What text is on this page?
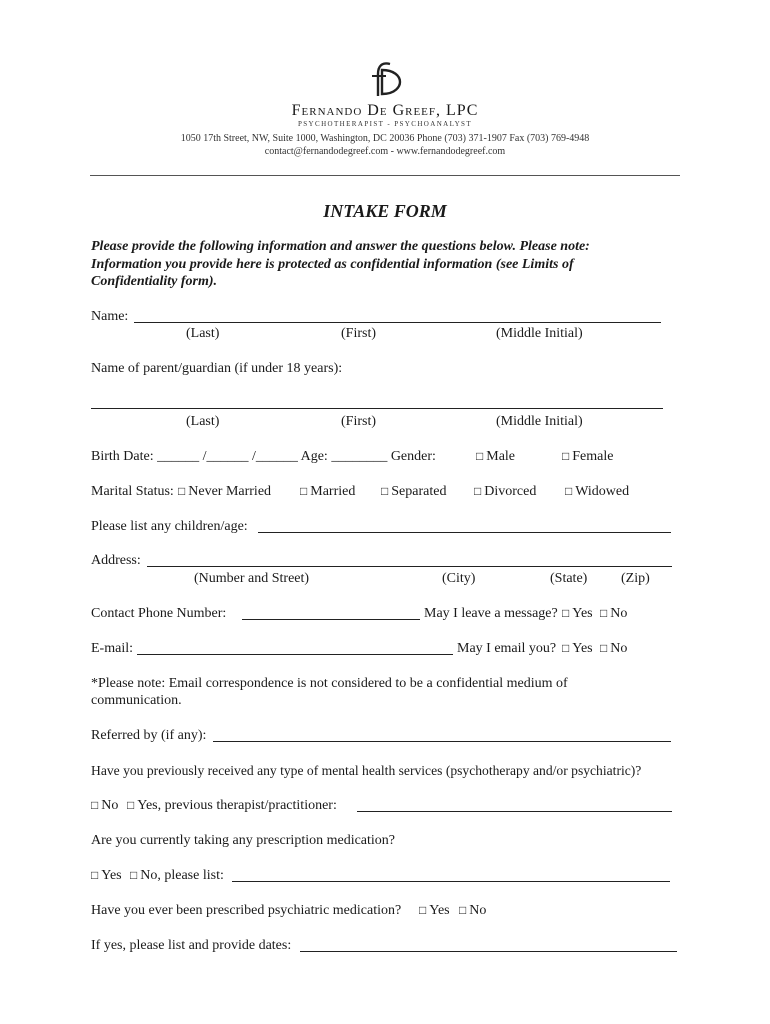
Fernando De Greef, LPC
PSYCHOTHERAPIST - PSYCHOANALYST
1050 17th Street, NW, Suite 1000, Washington, DC 20036 Phone (703) 371-1907 Fax (703) 769-4948
contact@fernandodegreef.com - www.fernandodegreef.com
INTAKE FORM
Please provide the following information and answer the questions below. Please note:
Information you provide here is protected as confidential information (see Limits of
Confidentiality form).
Name:
(Last)	(First)	(Middle Initial)
Name of parent/guardian (if under 18 years):
(Last)	(First)	(Middle Initial)
Birth Date: ______ /______ /______ Age: ________ Gender:	□ Male	□ Female
Marital Status: □ Never Married □ Married □ Separated □ Divorced □ Widowed
Please list any children/age:
Address:
(Number and Street)	(City)	(State) (Zip)
Contact Phone Number:	May I leave a message? □ Yes □ No
E-mail:	May I email you? □ Yes □ No
*Please note: Email correspondence is not considered to be a confidential medium of
communication.
Referred by (if any):
Have you previously received any type of mental health services (psychotherapy and/or psychiatric)?
□ No □ Yes, previous therapist/practitioner:
Are you currently taking any prescription medication?
□ Yes □ No, please list:
Have you ever been prescribed psychiatric medication? □ Yes □ No
If yes, please list and provide dates:
